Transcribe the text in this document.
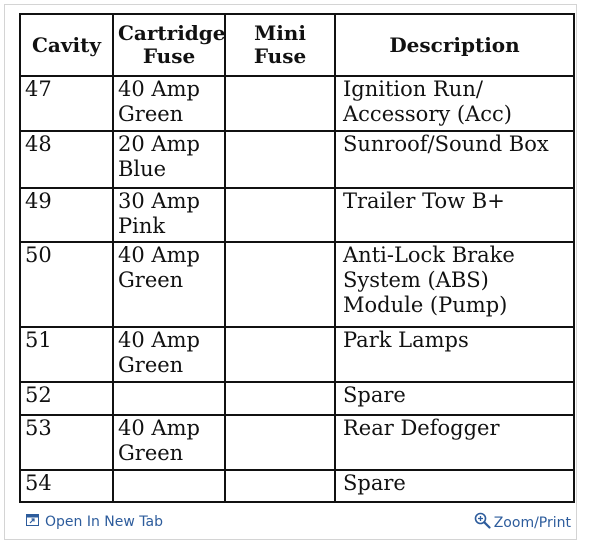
Cavity	Cartridge Fuse	Mini Fuse	Description
47	40 Amp Green		Ignition Run/ Accessory (Acc)
48	20 Amp Blue		Sunroof/Sound Box
49	30 Amp Pink		Trailer Tow B+
50	40 Amp Green		Anti-Lock Brake System (ABS) Module (Pump)
51	40 Amp Green		Park Lamps
52			Spare
53	40 Amp Green		Rear Defogger
54			Spare
Open In New Tab	Zoom/Print
